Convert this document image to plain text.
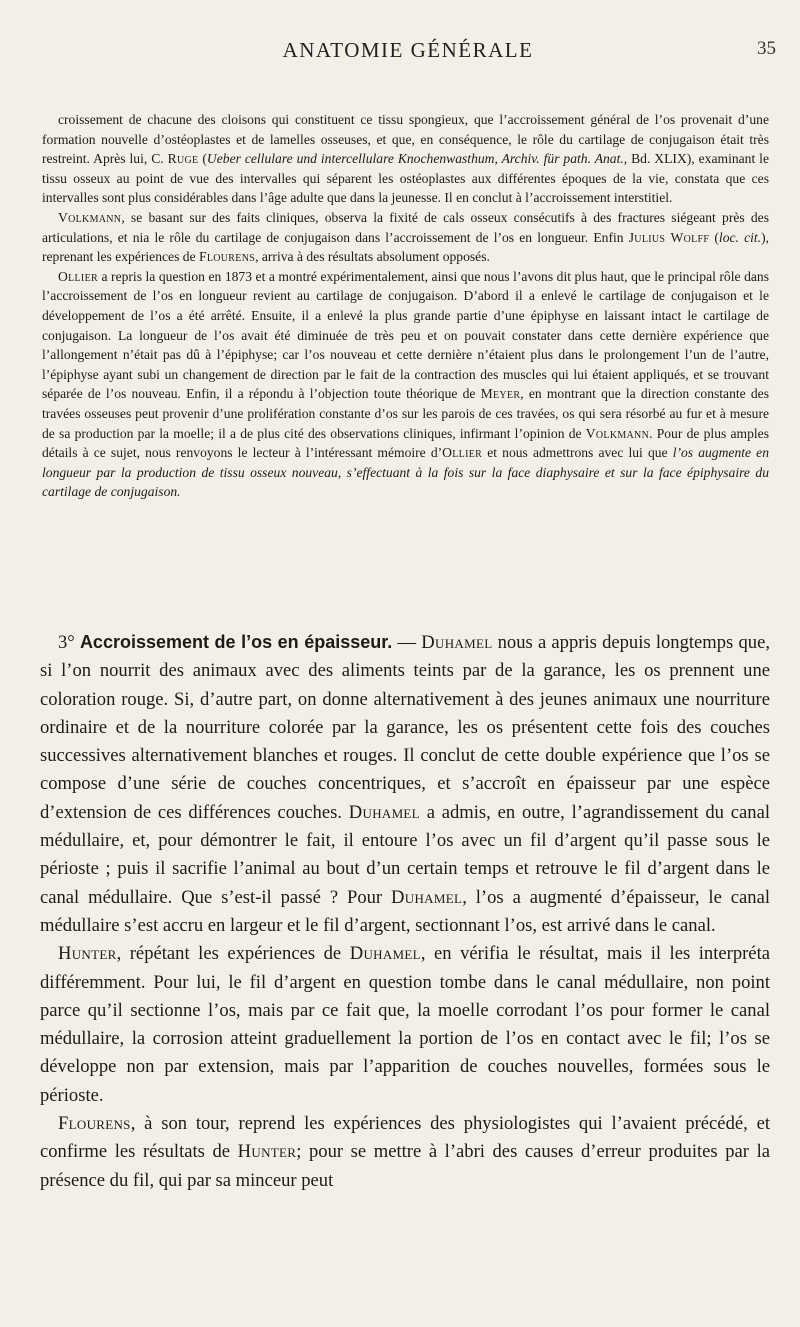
ANATOMIE GÉNÉRALE	35

croissement de chacune des cloisons qui constituent ce tissu spongieux, que l’accroissement général de l’os provenait d’une formation nouvelle d’ostéoplastes et de lamelles osseuses, et que, en conséquence, le rôle du cartilage de conjugaison était très restreint. Après lui, C. Ruge (Ueber cellulare und intercellulare Knochenwasthum, Archiv. für path. Anat., Bd. XLIX), examinant le tissu osseux au point de vue des intervalles qui séparent les ostéoplastes aux différentes époques de la vie, constata que ces intervalles sont plus considérables dans l’âge adulte que dans la jeunesse. Il en conclut à l’accroissement interstitiel.

Volkmann, se basant sur des faits cliniques, observa la fixité de cals osseux consécutifs à des fractures siégeant près des articulations, et nia le rôle du cartilage de conjugaison dans l’accroissement de l’os en longueur. Enfin Julius Wolff (loc. cit.), reprenant les expériences de Flourens, arriva à des résultats absolument opposés.

Ollier a repris la question en 1873 et a montré expérimentalement, ainsi que nous l’avons dit plus haut, que le principal rôle dans l’accroissement de l’os en longueur revient au cartilage de conjugaison. D’abord il a enlevé le cartilage de conjugaison et le développement de l’os a été arrêté. Ensuite, il a enlevé la plus grande partie d’une épiphyse en laissant intact le cartilage de conjugaison. La longueur de l’os avait été diminuée de très peu et on pouvait constater dans cette dernière expérience que l’allongement n’était pas dû à l’épiphyse; car l’os nouveau et cette dernière n’étaient plus dans le prolongement l’un de l’autre, l’épiphyse ayant subi un changement de direction par le fait de la contraction des muscles qui lui étaient appliqués, et se trouvant séparée de l’os nouveau. Enfin, il a répondu à l’objection toute théorique de Meyer, en montrant que la direction constante des travées osseuses peut provenir d’une prolifération constante d’os sur les parois de ces travées, os qui sera résorbé au fur et à mesure de sa production par la moelle; il a de plus cité des observations cliniques, infirmant l’opinion de Volkmann. Pour de plus amples détails à ce sujet, nous renvoyons le lecteur à l’intéressant mémoire d’Ollier et nous admettrons avec lui que l’os augmente en longueur par la production de tissu osseux nouveau, s’effectuant à la fois sur la face diaphysaire et sur la face épiphysaire du cartilage de conjugaison.

3° Accroissement de l’os en épaisseur. — Duhamel nous a appris depuis longtemps que, si l’on nourrit des animaux avec des aliments teints par de la garance, les os prennent une coloration rouge. Si, d’autre part, on donne alternativement à des jeunes animaux une nourriture ordinaire et de la nourriture colorée par la garance, les os présentent cette fois des couches successives alternativement blanches et rouges. Il conclut de cette double expérience que l’os se compose d’une série de couches concentriques, et s’accroît en épaisseur par une espèce d’extension de ces différences couches. Duhamel a admis, en outre, l’agrandissement du canal médullaire, et, pour démontrer le fait, il entoure l’os avec un fil d’argent qu’il passe sous le périoste ; puis il sacrifie l’animal au bout d’un certain temps et retrouve le fil d’argent dans le canal médullaire. Que s’est-il passé ? Pour Duhamel, l’os a augmenté d’épaisseur, le canal médullaire s’est accru en largeur et le fil d’argent, sectionnant l’os, est arrivé dans le canal.

Hunter, répétant les expériences de Duhamel, en vérifia le résultat, mais il les interpréta différemment. Pour lui, le fil d’argent en question tombe dans le canal médullaire, non point parce qu’il sectionne l’os, mais par ce fait que, la moelle corrodant l’os pour former le canal médullaire, la corrosion atteint graduellement la portion de l’os en contact avec le fil; l’os se développe non par extension, mais par l’apparition de couches nouvelles, formées sous le périoste.

Flourens, à son tour, reprend les expériences des physiologistes qui l’avaient précédé, et confirme les résultats de Hunter; pour se mettre à l’abri des causes d’erreur produites par la présence du fil, qui par sa minceur peut
